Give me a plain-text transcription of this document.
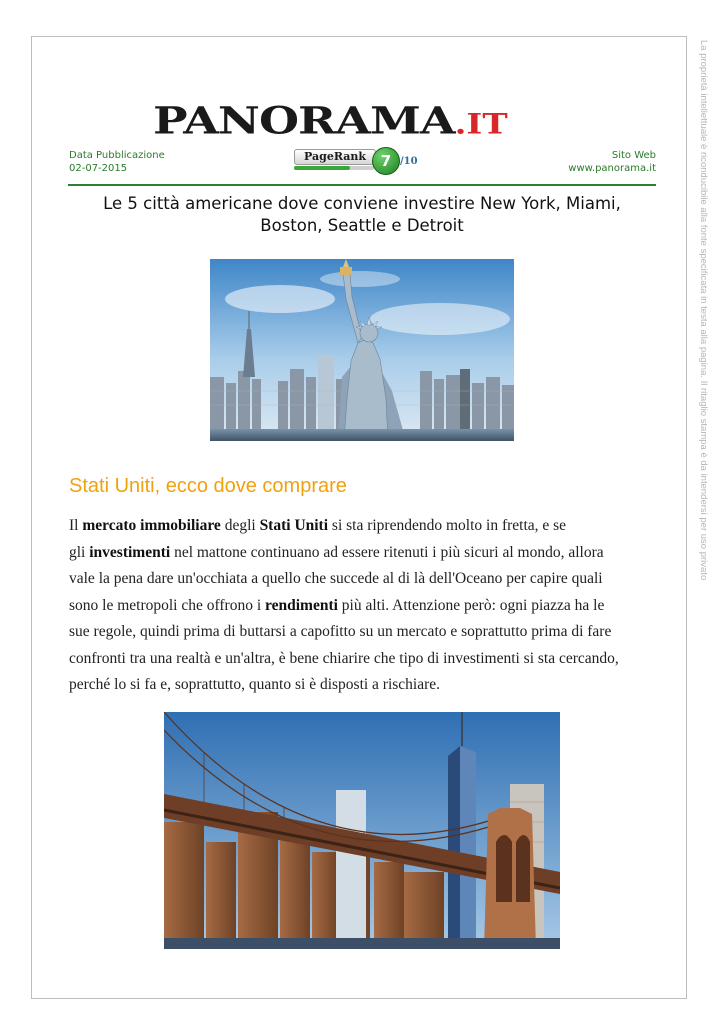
La proprietà intellettuale è riconducibile alla fonte specificata in testa alla pagina. Il ritaglio stampa è da intendersi per uso privato
PANORAMA.IT
Data Pubblicazione
02-07-2015
PageRank 7 /10
Sito Web
www.panorama.it
Le 5 città americane dove conviene investire New York, Miami,
Boston, Seattle e Detroit
Stati Uniti, ecco dove comprare
Il mercato immobiliare degli Stati Uniti si sta riprendendo molto in fretta, e se
gli investimenti nel mattone continuano ad essere ritenuti i più sicuri al mondo, allora
vale la pena dare un'occhiata a quello che succede al di là dell'Oceano per capire quali
sono le metropoli che offrono i rendimenti più alti. Attenzione però: ogni piazza ha le
sue regole, quindi prima di buttarsi a capofitto su un mercato e soprattutto prima di fare
confronti tra una realtà e un'altra, è bene chiarire che tipo di investimenti si sta cercando,
perché lo si fa e, soprattutto, quanto si è disposti a rischiare.
